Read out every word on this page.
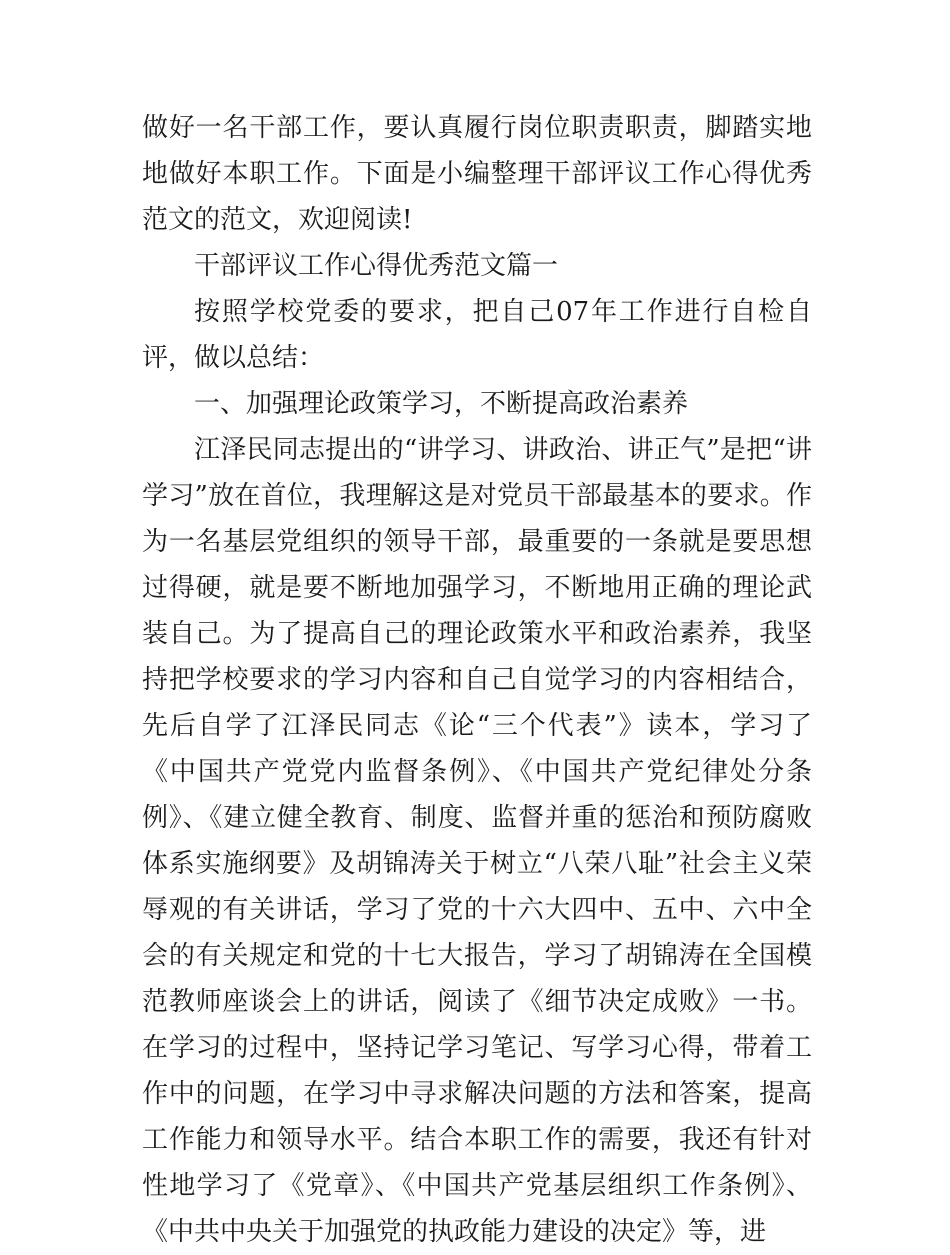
做好一名干部工作，要认真履行岗位职责职责，脚踏实地地做好本职工作。下面是小编整理干部评议工作心得优秀范文的范文，欢迎阅读!

干部评议工作心得优秀范文篇一

按照学校党委的要求，把自己07年工作进行自检自评，做以总结：

一、加强理论政策学习，不断提高政治素养

江泽民同志提出的“讲学习、讲政治、讲正气”是把“讲学习”放在首位，我理解这是对党员干部最基本的要求。作为一名基层党组织的领导干部，最重要的一条就是要思想过得硬，就是要不断地加强学习，不断地用正确的理论武装自己。为了提高自己的理论政策水平和政治素养，我坚持把学校要求的学习内容和自己自觉学习的内容相结合，先后自学了江泽民同志《论“三个代表”》读本，学习了《中国共产党党内监督条例》、《中国共产党纪律处分条例》、《建立健全教育、制度、监督并重的惩治和预防腐败体系实施纲要》及胡锦涛关于树立“八荣八耻”社会主义荣辱观的有关讲话，学习了党的十六大四中、五中、六中全会的有关规定和党的十七大报告，学习了胡锦涛在全国模范教师座谈会上的讲话，阅读了《细节决定成败》一书。在学习的过程中，坚持记学习笔记、写学习心得，带着工作中的问题，在学习中寻求解决问题的方法和答案，提高工作能力和领导水平。结合本职工作的需要，我还有针对性地学习了《党章》、《中国共产党基层组织工作条例》、《中共中央关于加强党的执政能力建设的决定》等，进
